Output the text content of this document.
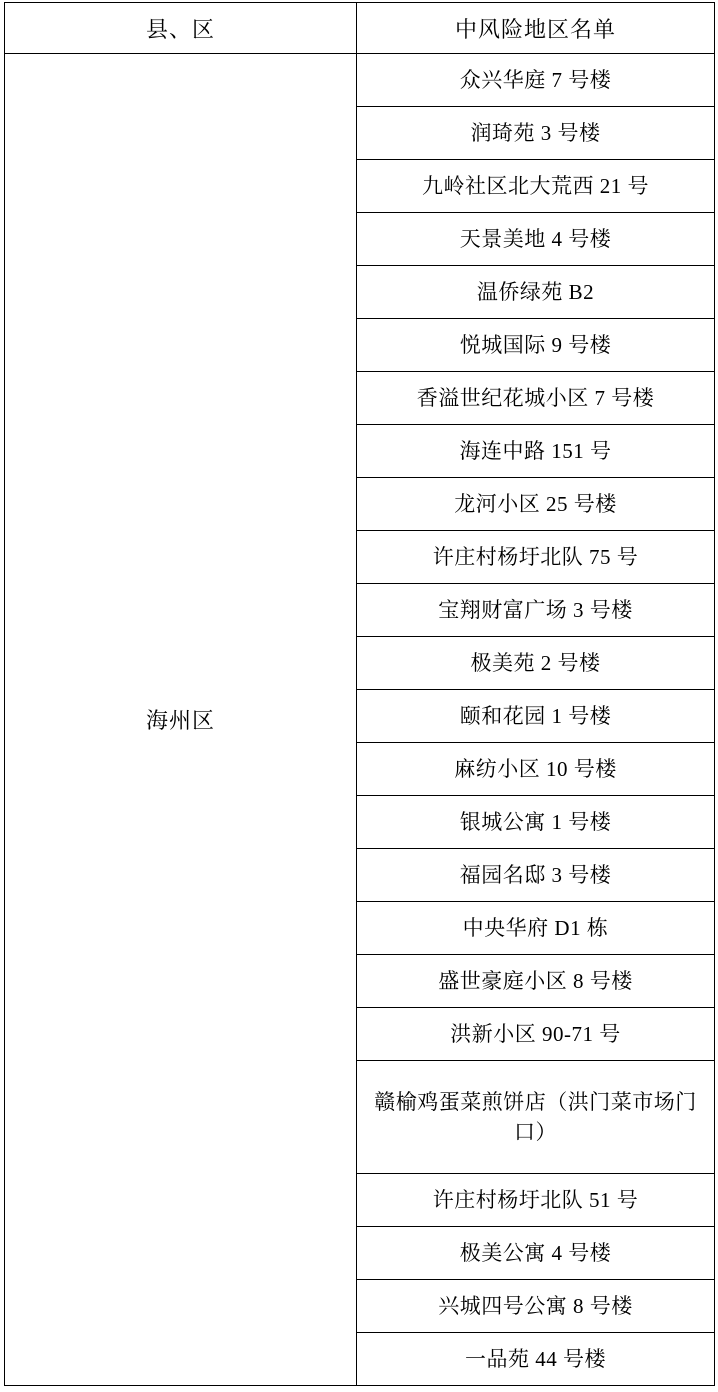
县、区	中风险地区名单
海州区	众兴华庭 7 号楼
	润琦苑 3 号楼
	九岭社区北大荒西 21 号
	天景美地 4 号楼
	温侨绿苑 B2
	悦城国际 9 号楼
	香溢世纪花城小区 7 号楼
	海连中路 151 号
	龙河小区 25 号楼
	许庄村杨圩北队 75 号
	宝翔财富广场 3 号楼
	极美苑 2 号楼
	颐和花园 1 号楼
	麻纺小区 10 号楼
	银城公寓 1 号楼
	福园名邸 3 号楼
	中央华府 D1 栋
	盛世豪庭小区 8 号楼
	洪新小区 90-71 号
	赣榆鸡蛋菜煎饼店（洪门菜市场门口）
	许庄村杨圩北队 51 号
	极美公寓 4 号楼
	兴城四号公寓 8 号楼
	一品苑 44 号楼
